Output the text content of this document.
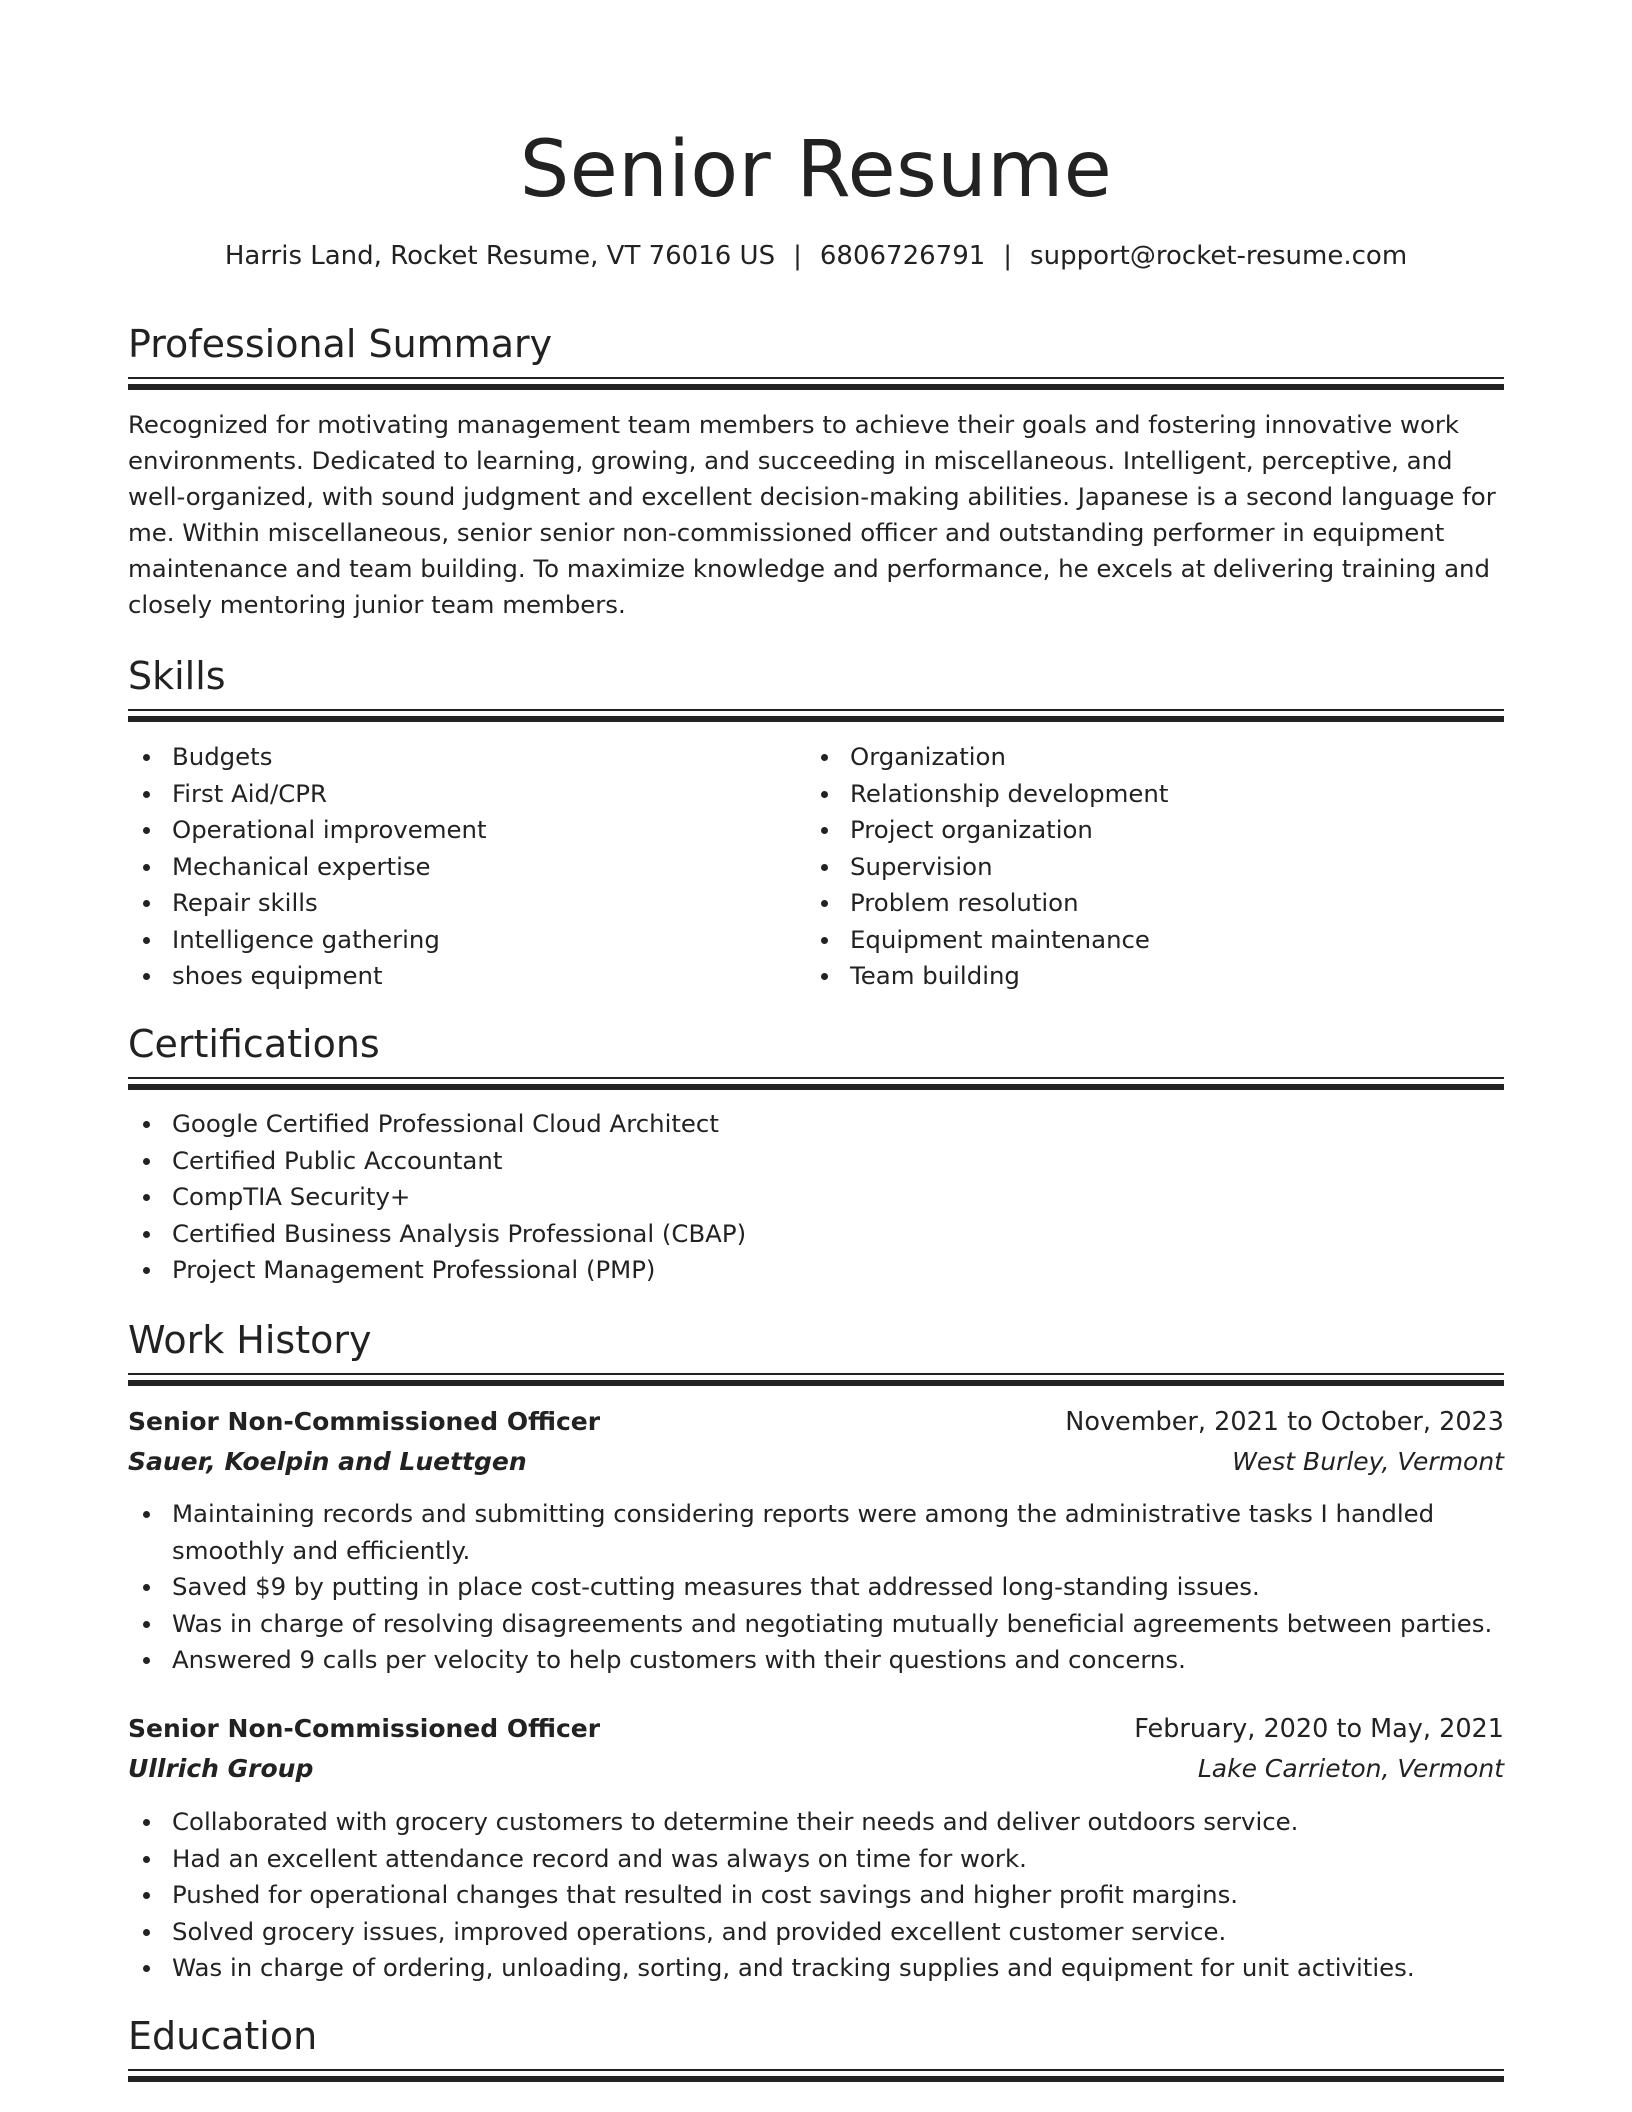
Senior Resume
Harris Land, Rocket Resume, VT 76016 US | 6806726791 | support@rocket-resume.com
Professional Summary
Recognized for motivating management team members to achieve their goals and fostering innovative work environments. Dedicated to learning, growing, and succeeding in miscellaneous. Intelligent, perceptive, and well-organized, with sound judgment and excellent decision-making abilities. Japanese is a second language for me. Within miscellaneous, senior senior non-commissioned officer and outstanding performer in equipment maintenance and team building. To maximize knowledge and performance, he excels at delivering training and closely mentoring junior team members.
Skills
Budgets
First Aid/CPR
Operational improvement
Mechanical expertise
Repair skills
Intelligence gathering
shoes equipment
Organization
Relationship development
Project organization
Supervision
Problem resolution
Equipment maintenance
Team building
Certifications
Google Certified Professional Cloud Architect
Certified Public Accountant
CompTIA Security+
Certified Business Analysis Professional (CBAP)
Project Management Professional (PMP)
Work History
Senior Non-Commissioned Officer	November, 2021 to October, 2023
Sauer, Koelpin and Luettgen	West Burley, Vermont
Maintaining records and submitting considering reports were among the administrative tasks I handled smoothly and efficiently.
Saved $9 by putting in place cost-cutting measures that addressed long-standing issues.
Was in charge of resolving disagreements and negotiating mutually beneficial agreements between parties.
Answered 9 calls per velocity to help customers with their questions and concerns.
Senior Non-Commissioned Officer	February, 2020 to May, 2021
Ullrich Group	Lake Carrieton, Vermont
Collaborated with grocery customers to determine their needs and deliver outdoors service.
Had an excellent attendance record and was always on time for work.
Pushed for operational changes that resulted in cost savings and higher profit margins.
Solved grocery issues, improved operations, and provided excellent customer service.
Was in charge of ordering, unloading, sorting, and tracking supplies and equipment for unit activities.
Education
